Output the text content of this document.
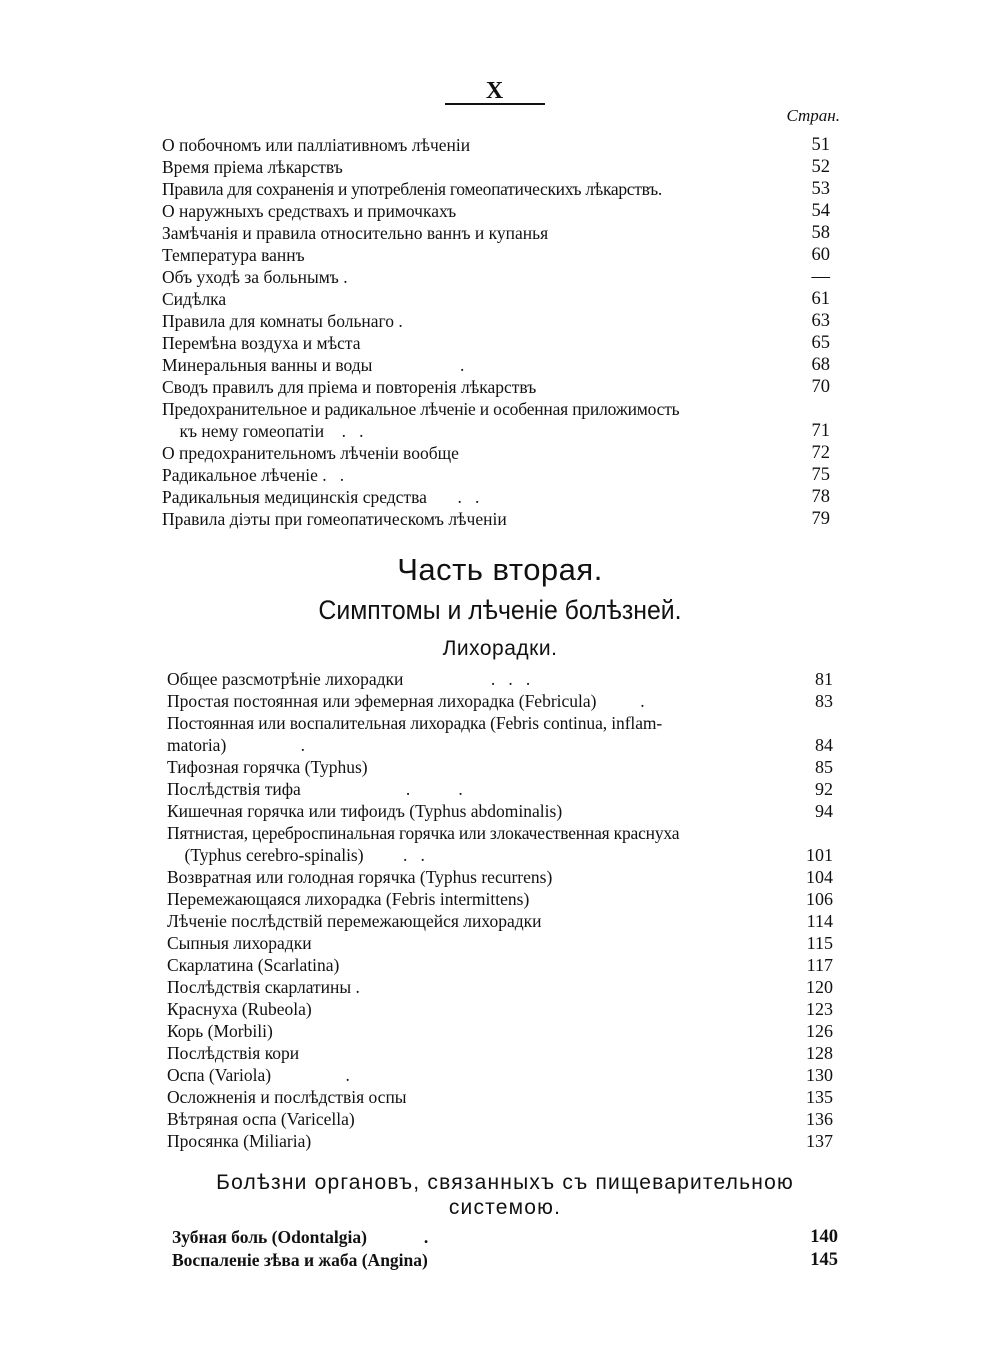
X
Стран.
О побочномъ или паллiативномъ лѣченiи	51
Время прiема лѣкарствъ	52
Правила для сохраненiя и употребленiя гомеопатическихъ лѣкарствъ.	53
О наружныхъ средствахъ и примочкахъ	54
Замѣчанiя и правила относительно ваннъ и купанья	58
Температура ваннъ	60
Объ уходѣ за больнымъ .	—
Сидѣлка	61
Правила для комнаты больнаго .	63
Перемѣна воздуха и мѣста	65
Минеральныя ванны и воды                    .	68
Сводъ правилъ для прiема и повторенiя лѣкарствъ	70
Предохранительное и радикальное лѣченiе и особенная приложимость
къ нему гомеопатiи    .   .	71
О предохранительномъ лѣченiи вообще	72
Радикальное лѣченiе .   .	75
Радикальныя медицинскiя средства       .   .	78
Правила дiэты при гомеопатическомъ лѣченiи	79
Часть вторая.
Симптомы и лѣченiе болѣзней.
Лихорадки.
Общее разсмотрѣнiе лихорадки                    .   .   .	81
Простая постоянная или эфемерная лихорадка (Febricula)          .	83
Постоянная или воспалительная лихорадка (Febris continua, inflam-
matoria)                 .	84
Тифозная горячка (Typhus)	85
Послѣдствiя тифа                        .           .	92
Кишечная горячка или тифоидъ (Typhus abdominalis)	94
Пятнистая, цереброспинальная горячка или злокачественная краснуха
(Typhus cerebro-spinalis)         .   .	101
Возвратная или голодная горячка (Typhus recurrens)	104
Перемежающаяся лихорадка (Febris intermittens)	106
Лѣченiе послѣдствiй перемежающейся лихорадки	114
Сыпныя лихорадки	115
Скарлатина (Scarlatina)	117
Послѣдствiя скарлатины .	120
Краснуха (Rubeola)	123
Корь (Morbili)	126
Послѣдствiя кори	128
Оспа (Variola)                 .	130
Осложненiя и послѣдствiя оспы	135
Вѣтряная оспа (Varicella)	136
Просянка (Miliaria)	137
Болѣзни органовъ, связанныхъ съ пищеварительною
системою.
Зубная боль (Odontalgia)             .	140
Воспаленiе зѣва и жаба (Angina)	145
